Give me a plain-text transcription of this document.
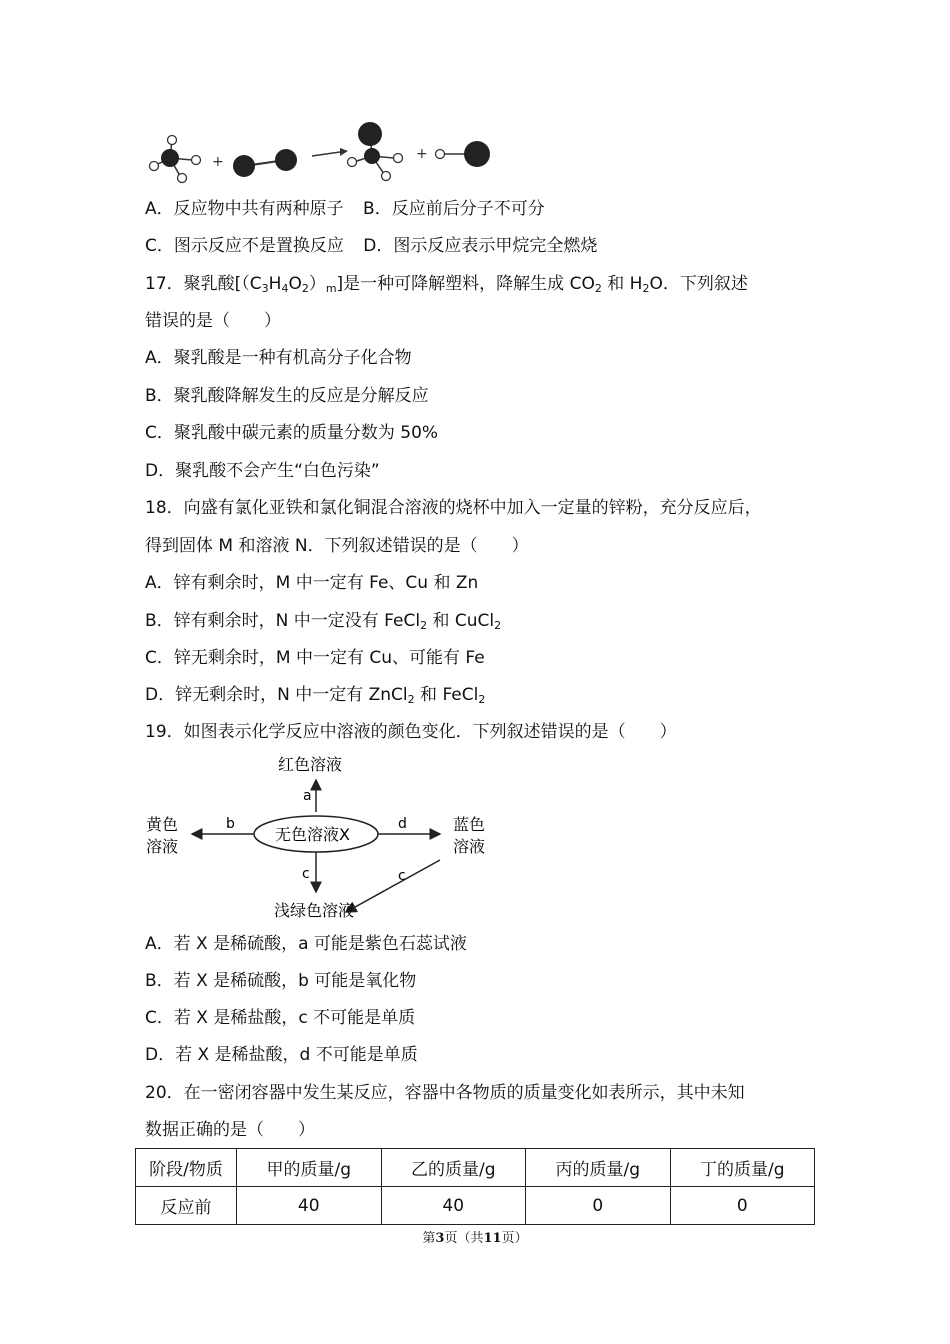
+	+
A．反应物中共有两种原子 B．反应前后分子不可分
C．图示反应不是置换反应 D．图示反应表示甲烷完全燃烧
17．聚乳酸$[(C_3H_4O_2)_m]$是一种可降解塑料，降解生成 $CO_2$ 和 $H_2O$．下列叙述
错误的是（　　）
A．聚乳酸是一种有机高分子化合物
B．聚乳酸降解发生的反应是分解反应
C．聚乳酸中碳元素的质量分数为 50%
D．聚乳酸不会产生“白色污染”
18．向盛有氯化亚铁和氯化铜混合溶液的烧杯中加入一定量的锌粉，充分反应后，
得到固体 M 和溶液 N．下列叙述错误的是（　　）
A．锌有剩余时，M 中一定有 Fe、Cu 和 Zn
B．锌有剩余时，N 中一定没有 FeCl$_2$ 和 CuCl$_2$
C．锌无剩余时，M 中一定有 Cu、可能有 Fe
D．锌无剩余时，N 中一定有 ZnCl$_2$ 和 FeCl$_2$
19．如图表示化学反应中溶液的颜色变化．下列叙述错误的是（　　）
红色溶液
a
无色溶液X
b
黄色
溶液
d	蓝色
溶液
c	c
浅绿色溶液
A．若 X 是稀硫酸，a 可能是紫色石蕊试液
B．若 X 是稀硫酸，b 可能是氧化物
C．若 X 是稀盐酸，c 不可能是单质
D．若 X 是稀盐酸，d 不可能是单质
20．在一密闭容器中发生某反应，容器中各物质的质量变化如表所示，其中未知
数据正确的是（　　）
阶段/物质	甲的质量/g	乙的质量/g	丙的质量/g	丁的质量/g
反应前	40	40	0	0
第3页（共11页）
